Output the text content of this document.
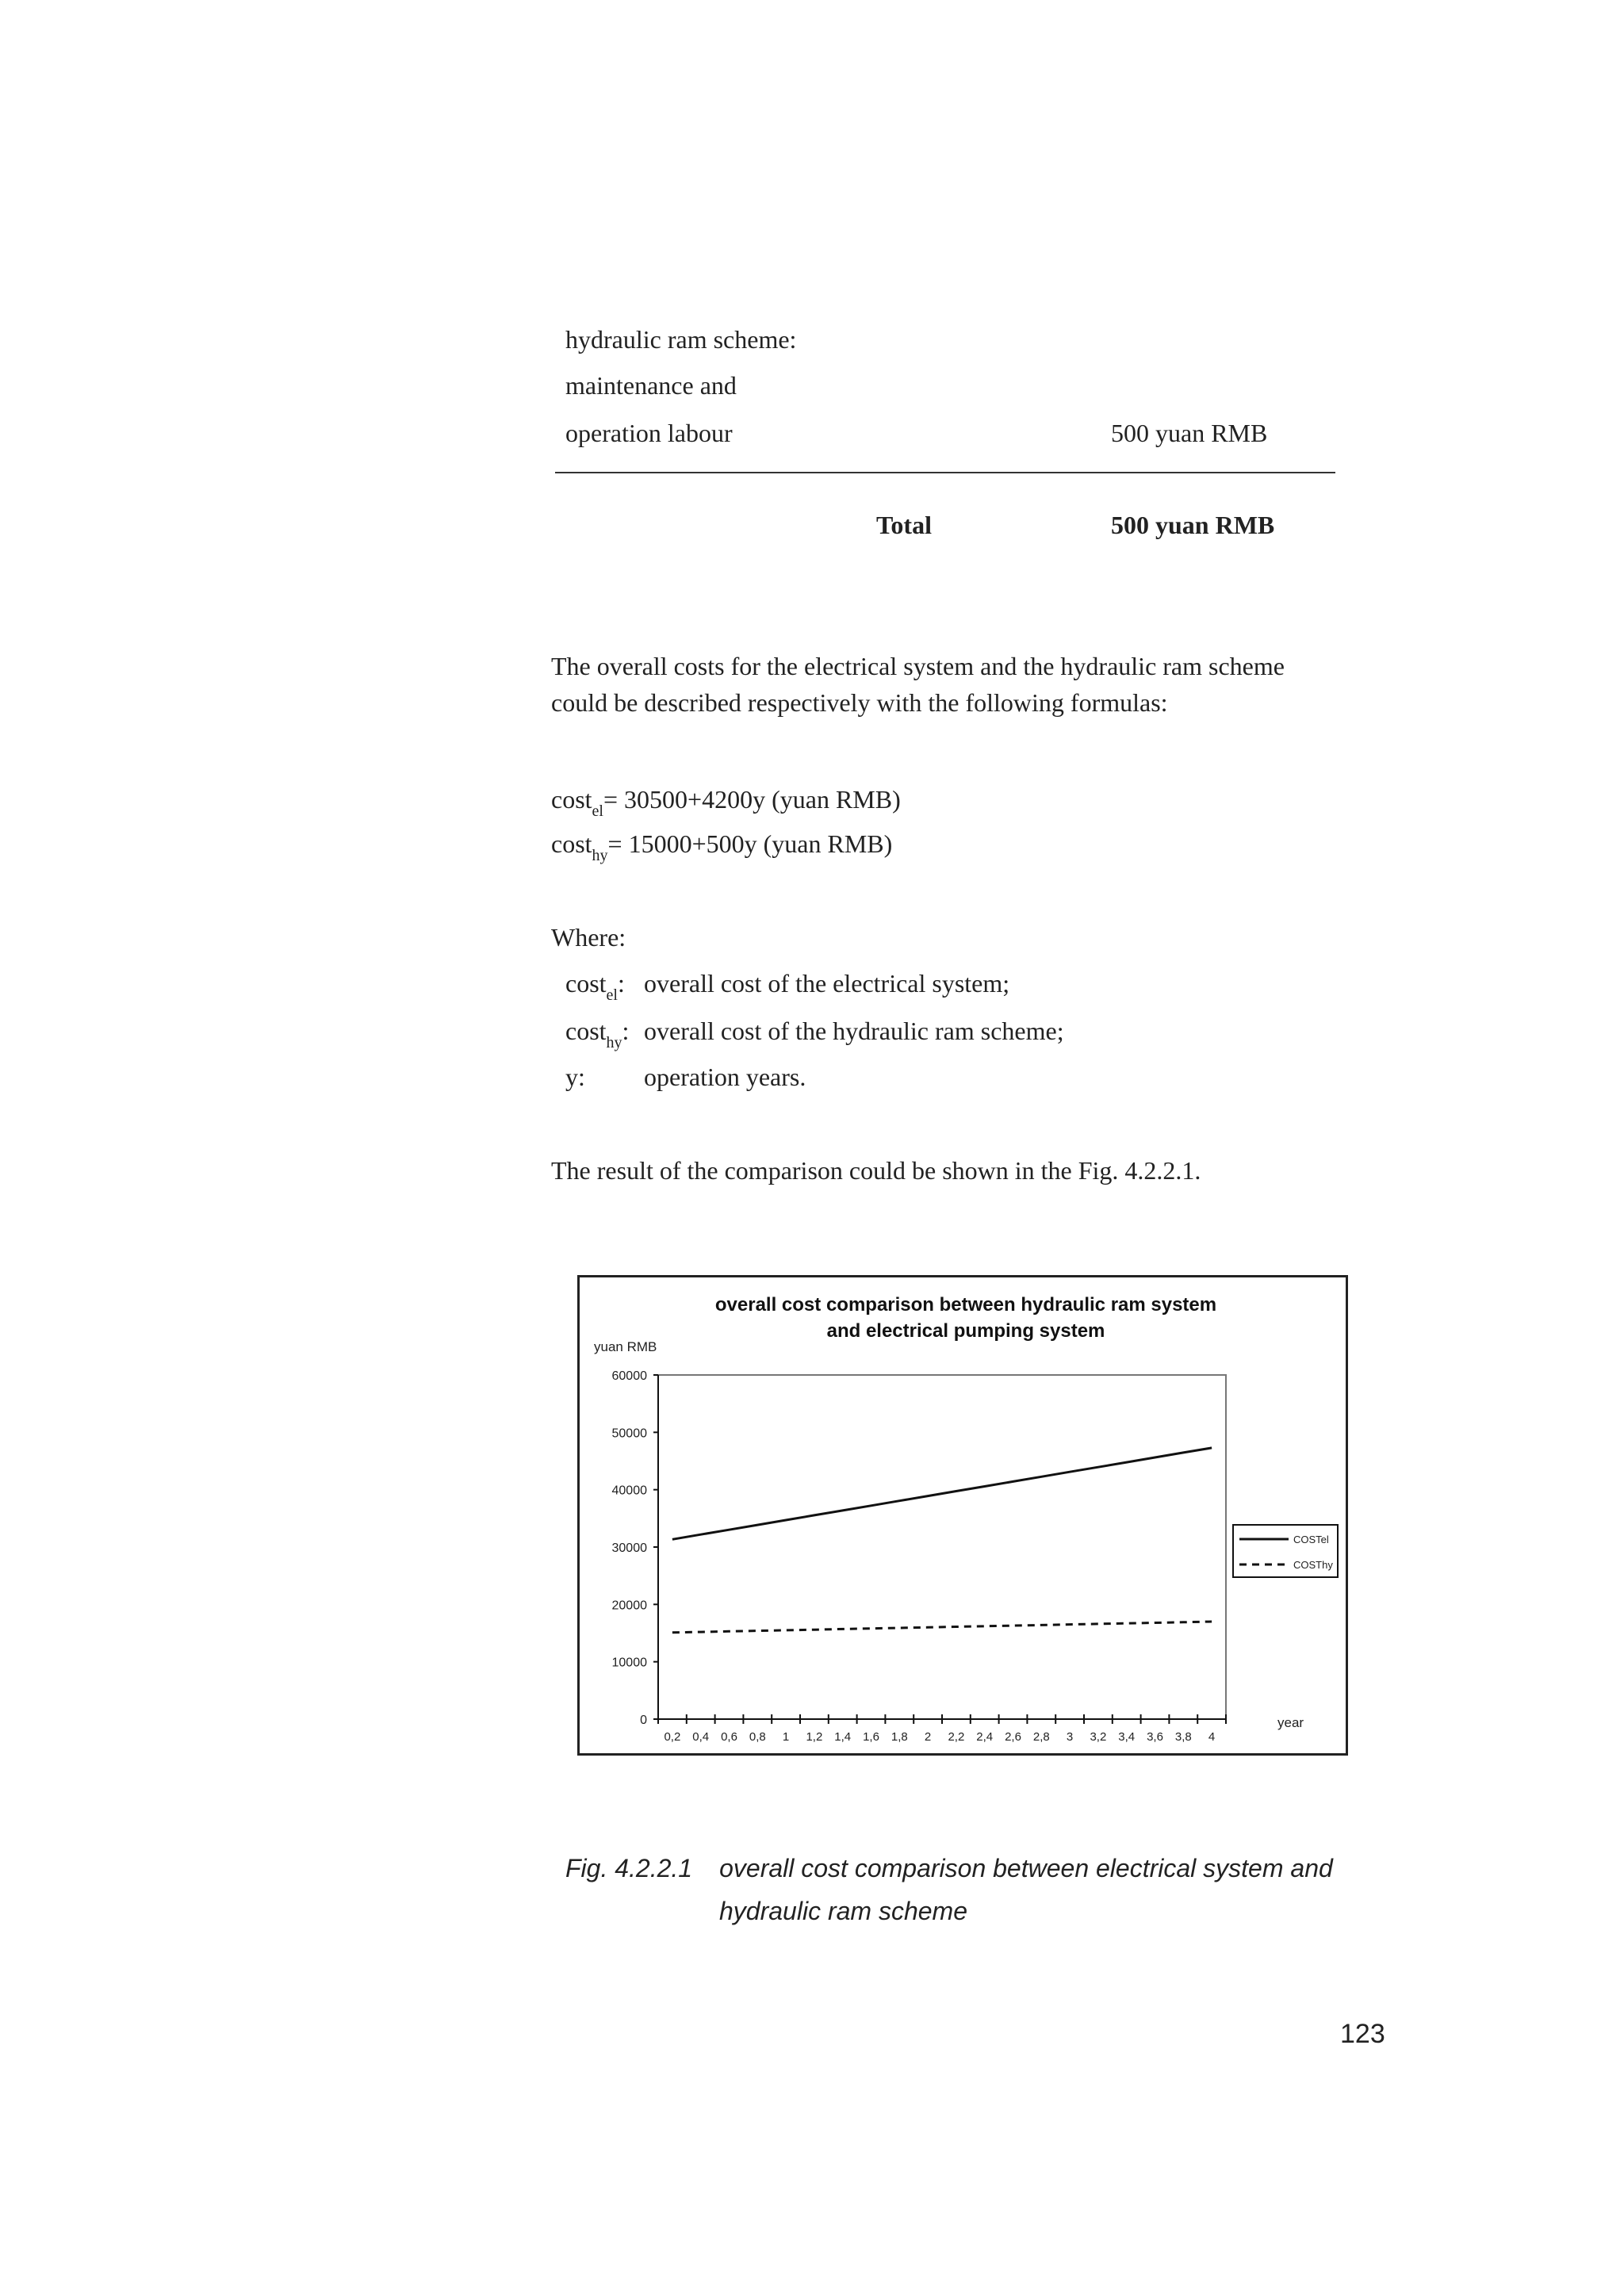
hydraulic ram scheme:
maintenance and
operation labour	500 yuan RMB
Total	500 yuan RMB
The overall costs for the electrical system and the hydraulic ram scheme
could be described respectively with the following formulas:
cost$_{el}$= 30500+4200y (yuan RMB)
cost$_{hy}$= 15000+500y (yuan RMB)
Where:
cost$_{el}$: overall cost of the electrical system;
cost$_{hy}$: overall cost of the hydraulic ram scheme;
y: operation years.
The result of the comparison could be shown in the Fig. 4.2.2.1.
overall cost comparison between hydraulic ram system
and electrical pumping system
yuan RMB
year
0
10000
20000
30000
40000
50000
60000
0,2 0,4 0,6 0,8 1 1,2 1,4 1,6 1,8 2 2,2 2,4 2,6 2,8 3 3,2 3,4 3,6 3,8 4
COSTel
COSThy
Fig. 4.2.2.1 overall cost comparison between electrical system and
hydraulic ram scheme
123
